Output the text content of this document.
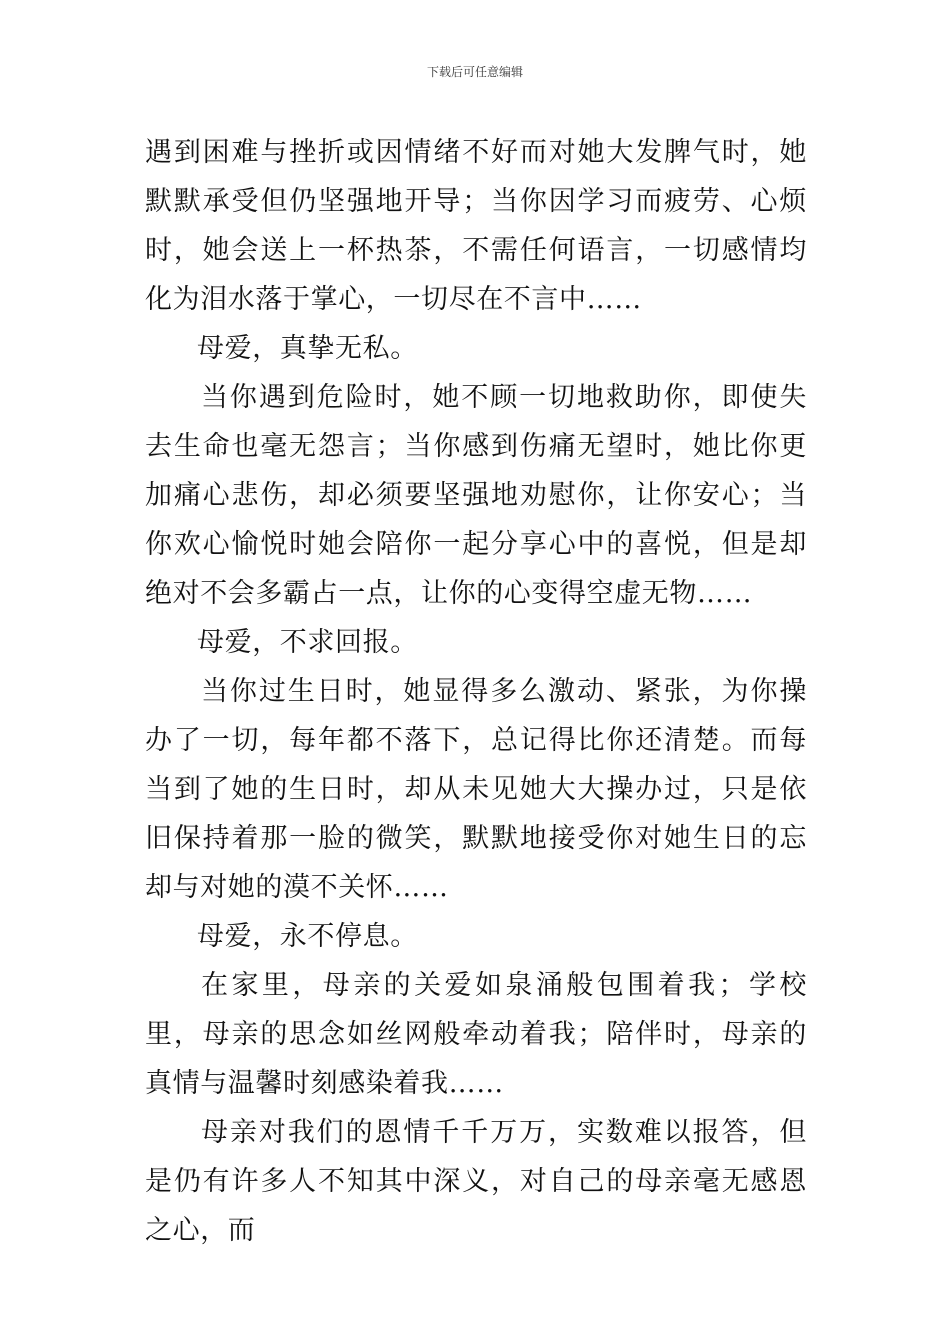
下载后可任意编辑

遇到困难与挫折或因情绪不好而对她大发脾气时，她默默承受但仍坚强地开导；当你因学习而疲劳、心烦时，她会送上一杯热茶，不需任何语言，一切感情均化为泪水落于掌心，一切尽在不言中……

母爱，真挚无私。

当你遇到危险时，她不顾一切地救助你，即使失去生命也毫无怨言；当你感到伤痛无望时，她比你更加痛心悲伤，却必须要坚强地劝慰你，让你安心；当你欢心愉悦时她会陪你一起分享心中的喜悦，但是却绝对不会多霸占一点，让你的心变得空虚无物……

母爱，不求回报。

当你过生日时，她显得多么激动、紧张，为你操办了一切，每年都不落下，总记得比你还清楚。而每当到了她的生日时，却从未见她大大操办过，只是依旧保持着那一脸的微笑，默默地接受你对她生日的忘却与对她的漠不关怀……

母爱，永不停息。

在家里，母亲的关爱如泉涌般包围着我；学校里，母亲的思念如丝网般牵动着我；陪伴时，母亲的真情与温馨时刻感染着我……

母亲对我们的恩情千千万万，实数难以报答，但是仍有许多人不知其中深义，对自己的母亲毫无感恩之心，而
